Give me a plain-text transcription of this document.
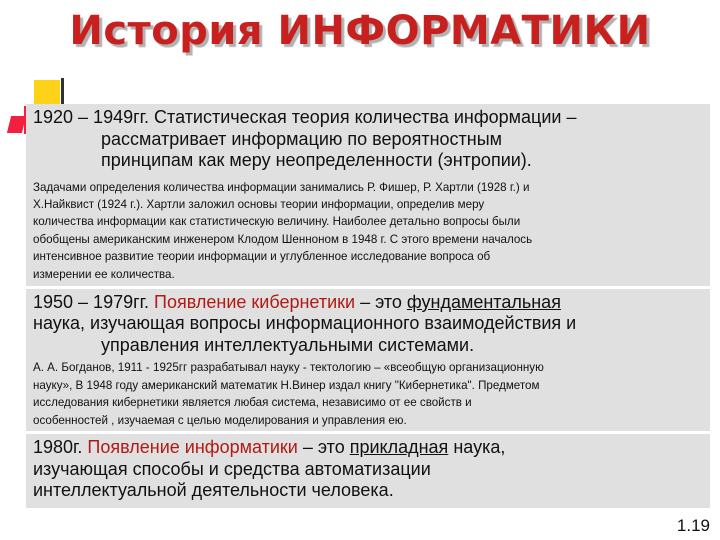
История ИНФОРМАТИКИ
1920 – 1949гг. Статистическая теория количества информации –
рассматривает информацию по вероятностным
принципам как меру неопределенности (энтропии).
Задачами определения количества информации занимались Р. Фишер, Р. Хартли (1928 г.) и
Х.Найквист (1924 г.). Хартли заложил основы теории информации, определив меру
количества информации как статистическую величину. Наиболее детально вопросы были
обобщены американским инженером Клодом Шенноном в 1948 г. С этого времени началось
интенсивное развитие теории информации и углубленное исследование вопроса об
измерении ее количества.
1950 – 1979гг. Появление кибернетики – это фундаментальная
наука, изучающая вопросы информационного взаимодействия и
управления интеллектуальными системами.
А. А. Богданов, 1911 - 1925гг разрабатывал науку - тектологию – «всеобщую организационную
науку», В 1948 году американский математик Н.Винер издал книгу "Кибернетика". Предметом
исследования кибернетики является любая система, независимо от ее свойств и
особенностей , изучаемая с целью моделирования и управления ею.
1980г. Появление информатики – это прикладная наука,
изучающая способы и средства автоматизации
интеллектуальной деятельности человека.
1.19
